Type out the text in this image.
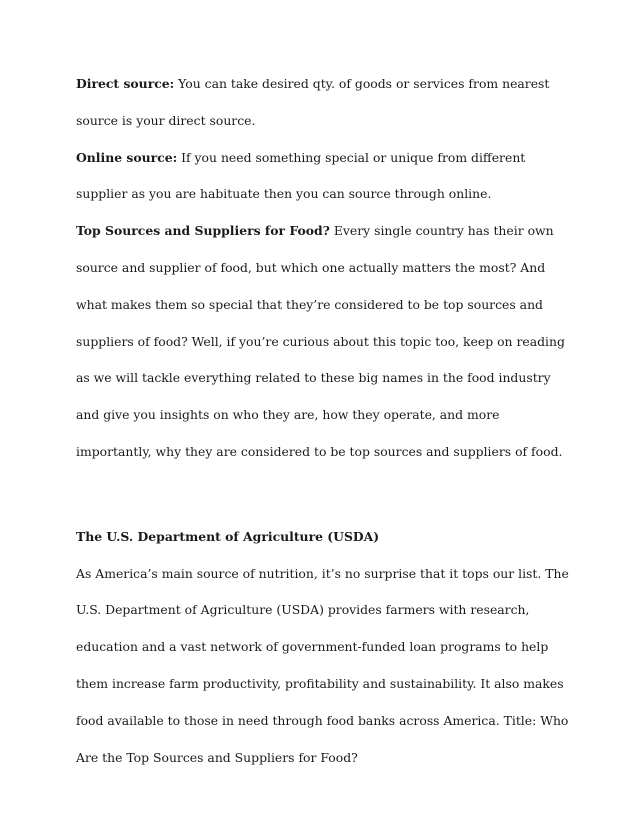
Direct source: You can take desired qty. of goods or services from nearest source is your direct source.

Online source: If you need something special or unique from different supplier as you are habituate then you can source through online.

Top Sources and Suppliers for Food? Every single country has their own source and supplier of food, but which one actually matters the most? And what makes them so special that they’re considered to be top sources and suppliers of food? Well, if you’re curious about this topic too, keep on reading as we will tackle everything related to these big names in the food industry and give you insights on who they are, how they operate, and more importantly, why they are considered to be top sources and suppliers of food.

The U.S. Department of Agriculture (USDA)

As America’s main source of nutrition, it’s no surprise that it tops our list. The U.S. Department of Agriculture (USDA) provides farmers with research, education and a vast network of government-funded loan programs to help them increase farm productivity, profitability and sustainability. It also makes food available to those in need through food banks across America. Title: Who Are the Top Sources and Suppliers for Food?
